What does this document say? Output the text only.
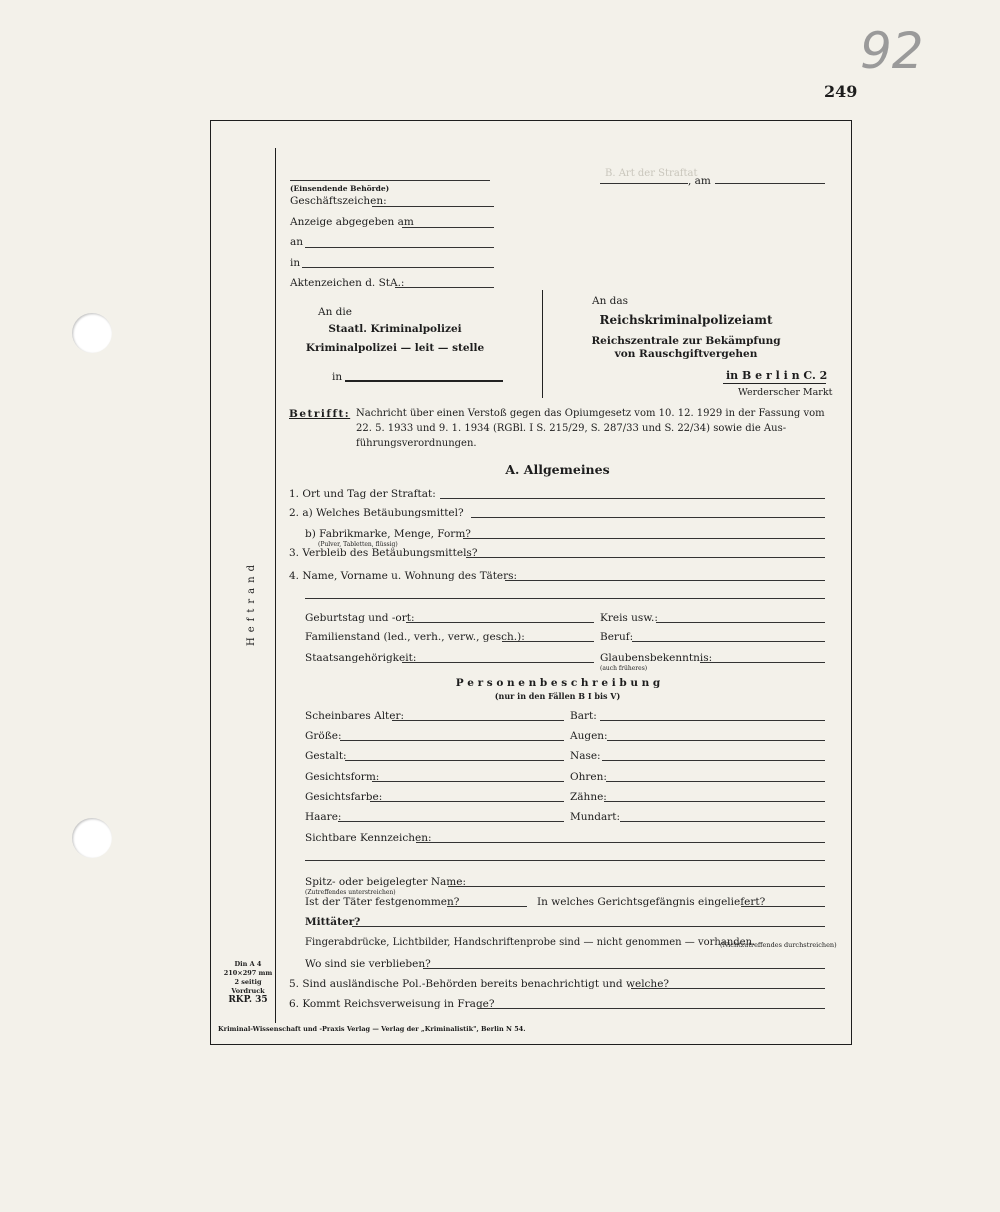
92
249
B. Art der Straftat
Heftrand
Din A 4
210×297 mm
2 seitig
Vordruck
RKP. 35
, am
(Einsendende Behörde)
Geschäftszeichen:
Anzeige abgegeben am
an
in
Aktenzeichen d. StA.:
An die
Staatl. Kriminalpolizei
Kriminalpolizei — leit — stelle
in
An das
Reichskriminalpolizeiamt
Reichszentrale zur Bekämpfung
von Rauschgiftvergehen
in B e r l i n C. 2
Werderscher Markt
Betrifft: Nachricht über einen Verstoß gegen das Opiumgesetz vom 10. 12. 1929 in der Fassung vom
22. 5. 1933 und 9. 1. 1934 (RGBl. I S. 215/29, S. 287/33 und S. 22/34) sowie die Aus-
führungsverordnungen.
A. Allgemeines
1. Ort und Tag der Straftat:
2. a) Welches Betäubungsmittel?
b) Fabrikmarke, Menge, Form?
(Pulver, Tabletten, flüssig)
3. Verbleib des Betäubungsmittels?
4. Name, Vorname u. Wohnung des Täters:
Geburtstag und -ort:	Kreis usw.:
Familienstand (led., verh., verw., gesch.):	Beruf:
Staatsangehörigkeit:	Glaubensbekenntnis:
(auch früheres)
P e r s o n e n b e s c h r e i b u n g
(nur in den Fällen B I bis V)
Scheinbares Alter:	Bart:
Größe:	Augen:
Gestalt:	Nase:
Gesichtsform:	Ohren:
Gesichtsfarbe:	Zähne:
Haare:	Mundart:
Sichtbare Kennzeichen:
Spitz- oder beigelegter Name:
(Zutreffendes unterstreichen)
Ist der Täter festgenommen?	In welches Gerichtsgefängnis eingeliefert?
Mittäter?
Fingerabdrücke, Lichtbilder, Handschriftenprobe sind — nicht genommen — vorhanden.
(Nichtzutreffendes durchstreichen)
Wo sind sie verblieben?
5. Sind ausländische Pol.-Behörden bereits benachrichtigt und welche?
6. Kommt Reichsverweisung in Frage?
Kriminal-Wissenschaft und -Praxis Verlag — Verlag der „Kriminalistik", Berlin N 54.
